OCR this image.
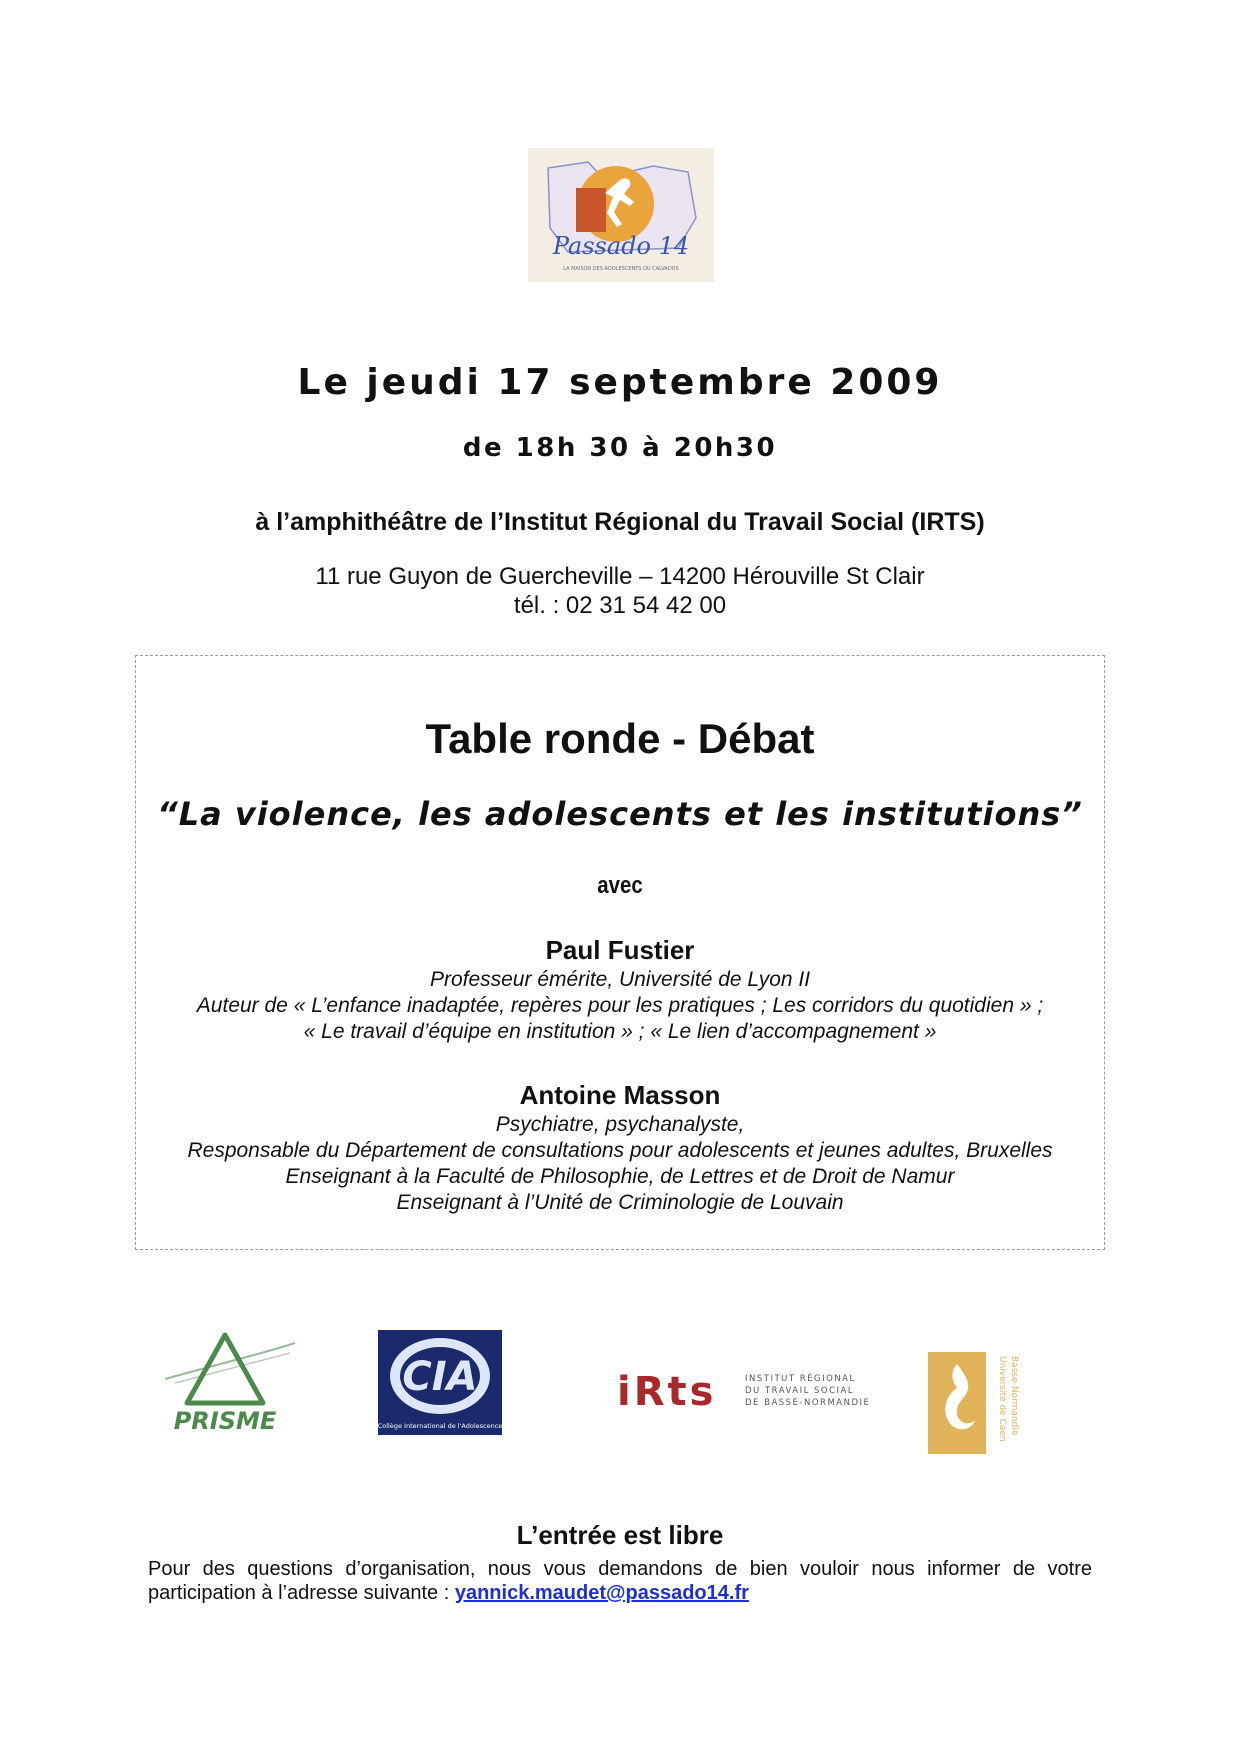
Passado 14
LA MAISON DES ADOLESCENTS DU CALVADOS
Le jeudi 17 septembre 2009
de 18h 30 à 20h30
à l’amphithéâtre de l’Institut Régional du Travail Social (IRTS)
11 rue Guyon de Guercheville – 14200 Hérouville St Clair
tél. : 02 31 54 42 00
Table ronde - Débat
“La violence, les adolescents et les institutions”
avec
Paul Fustier
Professeur émérite, Université de Lyon II
Auteur de « L’enfance inadaptée, repères pour les pratiques ; Les corridors du quotidien » ;
« Le travail d’équipe en institution » ; « Le lien d’accompagnement »
Antoine Masson
Psychiatre, psychanalyste,
Responsable du Département de consultations pour adolescents et jeunes adultes, Bruxelles
Enseignant à la Faculté de Philosophie, de Lettres et de Droit de Namur
Enseignant à l’Unité de Criminologie de Louvain
PRISME
CIA
Collège International de l'Adolescence
iRts	INSTITUT RÉGIONAL
DU TRAVAIL SOCIAL
DE BASSE-NORMANDIE	Université de Caen Basse-Normandie
L’entrée est libre
Pour des questions d’organisation, nous vous demandons de bien vouloir nous informer de votre participation à l’adresse suivante : yannick.maudet@passado14.fr
